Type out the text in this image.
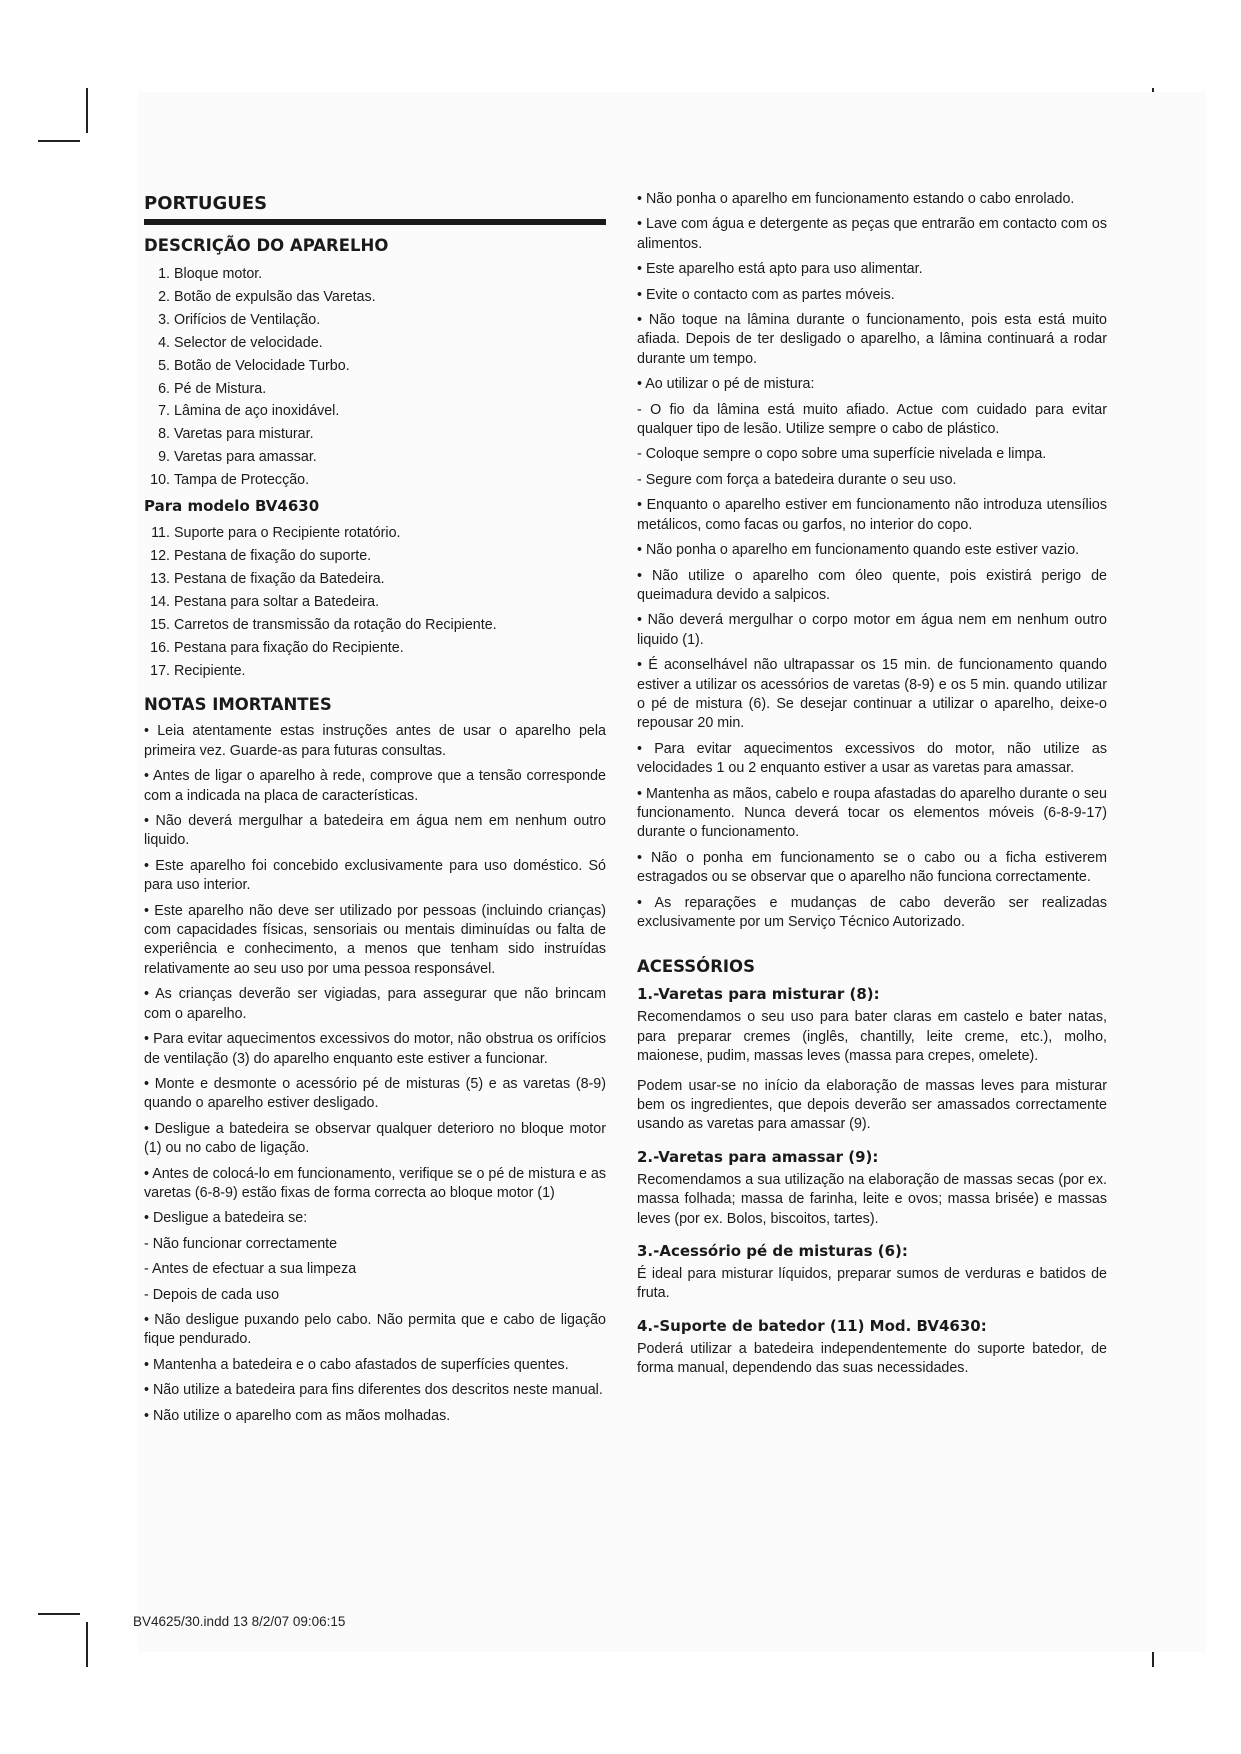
PORTUGUES
DESCRIÇÃO DO APARELHO
1. Bloque motor.
2. Botão de expulsão das Varetas.
3. Orifícios de Ventilação.
4. Selector de velocidade.
5. Botão de Velocidade Turbo.
6. Pé de Mistura.
7. Lâmina de aço inoxidável.
8. Varetas para misturar.
9. Varetas para amassar.
10. Tampa de Protecção.
Para modelo BV4630
11. Suporte para o Recipiente rotatório.
12. Pestana de fixação do suporte.
13. Pestana de fixação da Batedeira.
14. Pestana para soltar a Batedeira.
15. Carretos de transmissão da rotação do Recipiente.
16. Pestana para fixação do Recipiente.
17. Recipiente.
NOTAS IMORTANTES

• Leia atentamente estas instruções antes de usar o aparelho pela primeira vez. Guarde-as para futuras consultas.

• Antes de ligar o aparelho à rede, comprove que a tensão corresponde com a indicada na placa de características.

• Não deverá mergulhar a batedeira em água nem em nenhum outro liquido.

• Este aparelho foi concebido exclusivamente para uso doméstico. Só para uso interior.

• Este aparelho não deve ser utilizado por pessoas (incluindo crianças) com capacidades físicas, sensoriais ou mentais diminuídas ou falta de experiência e conhecimento, a menos que tenham sido instruídas relativamente ao seu uso por uma pessoa responsável.

• As crianças deverão ser vigiadas, para assegurar que não brincam com o aparelho.

• Para evitar aquecimentos excessivos do motor, não obstrua os orifícios de ventilação (3) do aparelho enquanto este estiver a funcionar.

• Monte e desmonte o acessório pé de misturas (5) e as varetas (8-9) quando o aparelho estiver desligado.

• Desligue a batedeira se observar qualquer deterioro no bloque motor (1) ou no cabo de ligação.

• Antes de colocá-lo em funcionamento, verifique se o pé de mistura e as varetas (6-8-9) estão fixas de forma correcta ao bloque motor (1)

• Desligue a batedeira se:

- Não funcionar correctamente

- Antes de efectuar a sua limpeza

- Depois de cada uso

• Não desligue puxando pelo cabo. Não permita que e cabo de ligação fique pendurado.

• Mantenha a batedeira e o cabo afastados de superfícies quentes.

• Não utilize a batedeira para fins diferentes dos descritos neste manual.

• Não utilize o aparelho com as mãos molhadas.

• Não ponha o aparelho em funcionamento estando o cabo enrolado.

• Lave com água e detergente as peças que entrarão em contacto com os alimentos.

• Este aparelho está apto para uso alimentar.

• Evite o contacto com as partes móveis.

• Não toque na lâmina durante o funcionamento, pois esta está muito afiada. Depois de ter desligado o aparelho, a lâmina continuará a rodar durante um tempo.

• Ao utilizar o pé de mistura:

- O fio da lâmina está muito afiado. Actue com cuidado para evitar qualquer tipo de lesão. Utilize sempre o cabo de plástico.

- Coloque sempre o copo sobre uma superfície nivelada e limpa.

- Segure com força a batedeira durante o seu uso.

• Enquanto o aparelho estiver em funcionamento não introduza utensílios metálicos, como facas ou garfos, no interior do copo.

• Não ponha o aparelho em funcionamento quando este estiver vazio.

• Não utilize o aparelho com óleo quente, pois existirá perigo de queimadura devido a salpicos.

• Não deverá mergulhar o corpo motor em água nem em nenhum outro liquido (1).

• É aconselhável não ultrapassar os 15 min. de funcionamento quando estiver a utilizar os acessórios de varetas (8-9) e os 5 min. quando utilizar o pé de mistura (6). Se desejar continuar a utilizar o aparelho, deixe-o repousar 20 min.

• Para evitar aquecimentos excessivos do motor, não utilize as velocidades 1 ou 2 enquanto estiver a usar as varetas para amassar.

• Mantenha as mãos, cabelo e roupa afastadas do aparelho durante o seu funcionamento. Nunca deverá tocar os elementos móveis (6-8-9-17) durante o funcionamento.

• Não o ponha em funcionamento se o cabo ou a ficha estiverem estragados ou se observar que o aparelho não funciona correctamente.

• As reparações e mudanças de cabo deverão ser realizadas exclusivamente por um Serviço Técnico Autorizado.

ACESSÓRIOS
1.-Varetas para misturar (8):

Recomendamos o seu uso para bater claras em castelo e bater natas, para preparar cremes (inglês, chantilly, leite creme, etc.), molho, maionese, pudim, massas leves (massa para crepes, omelete).

Podem usar-se no início da elaboração de massas leves para misturar bem os ingredientes, que depois deverão ser amassados correctamente usando as varetas para amassar (9).

2.-Varetas para amassar (9):

Recomendamos a sua utilização na elaboração de massas secas (por ex. massa folhada; massa de farinha, leite e ovos; massa brisée) e massas leves (por ex. Bolos, biscoitos, tartes).

3.-Acessório pé de misturas (6):

É ideal para misturar líquidos, preparar sumos de verduras e batidos de fruta.

4.-Suporte de batedor (11) Mod. BV4630:

Poderá utilizar a batedeira independentemente do suporte batedor, de forma manual, dependendo das suas necessidades.

BV4625/30.indd 13 8/2/07 09:06:15
